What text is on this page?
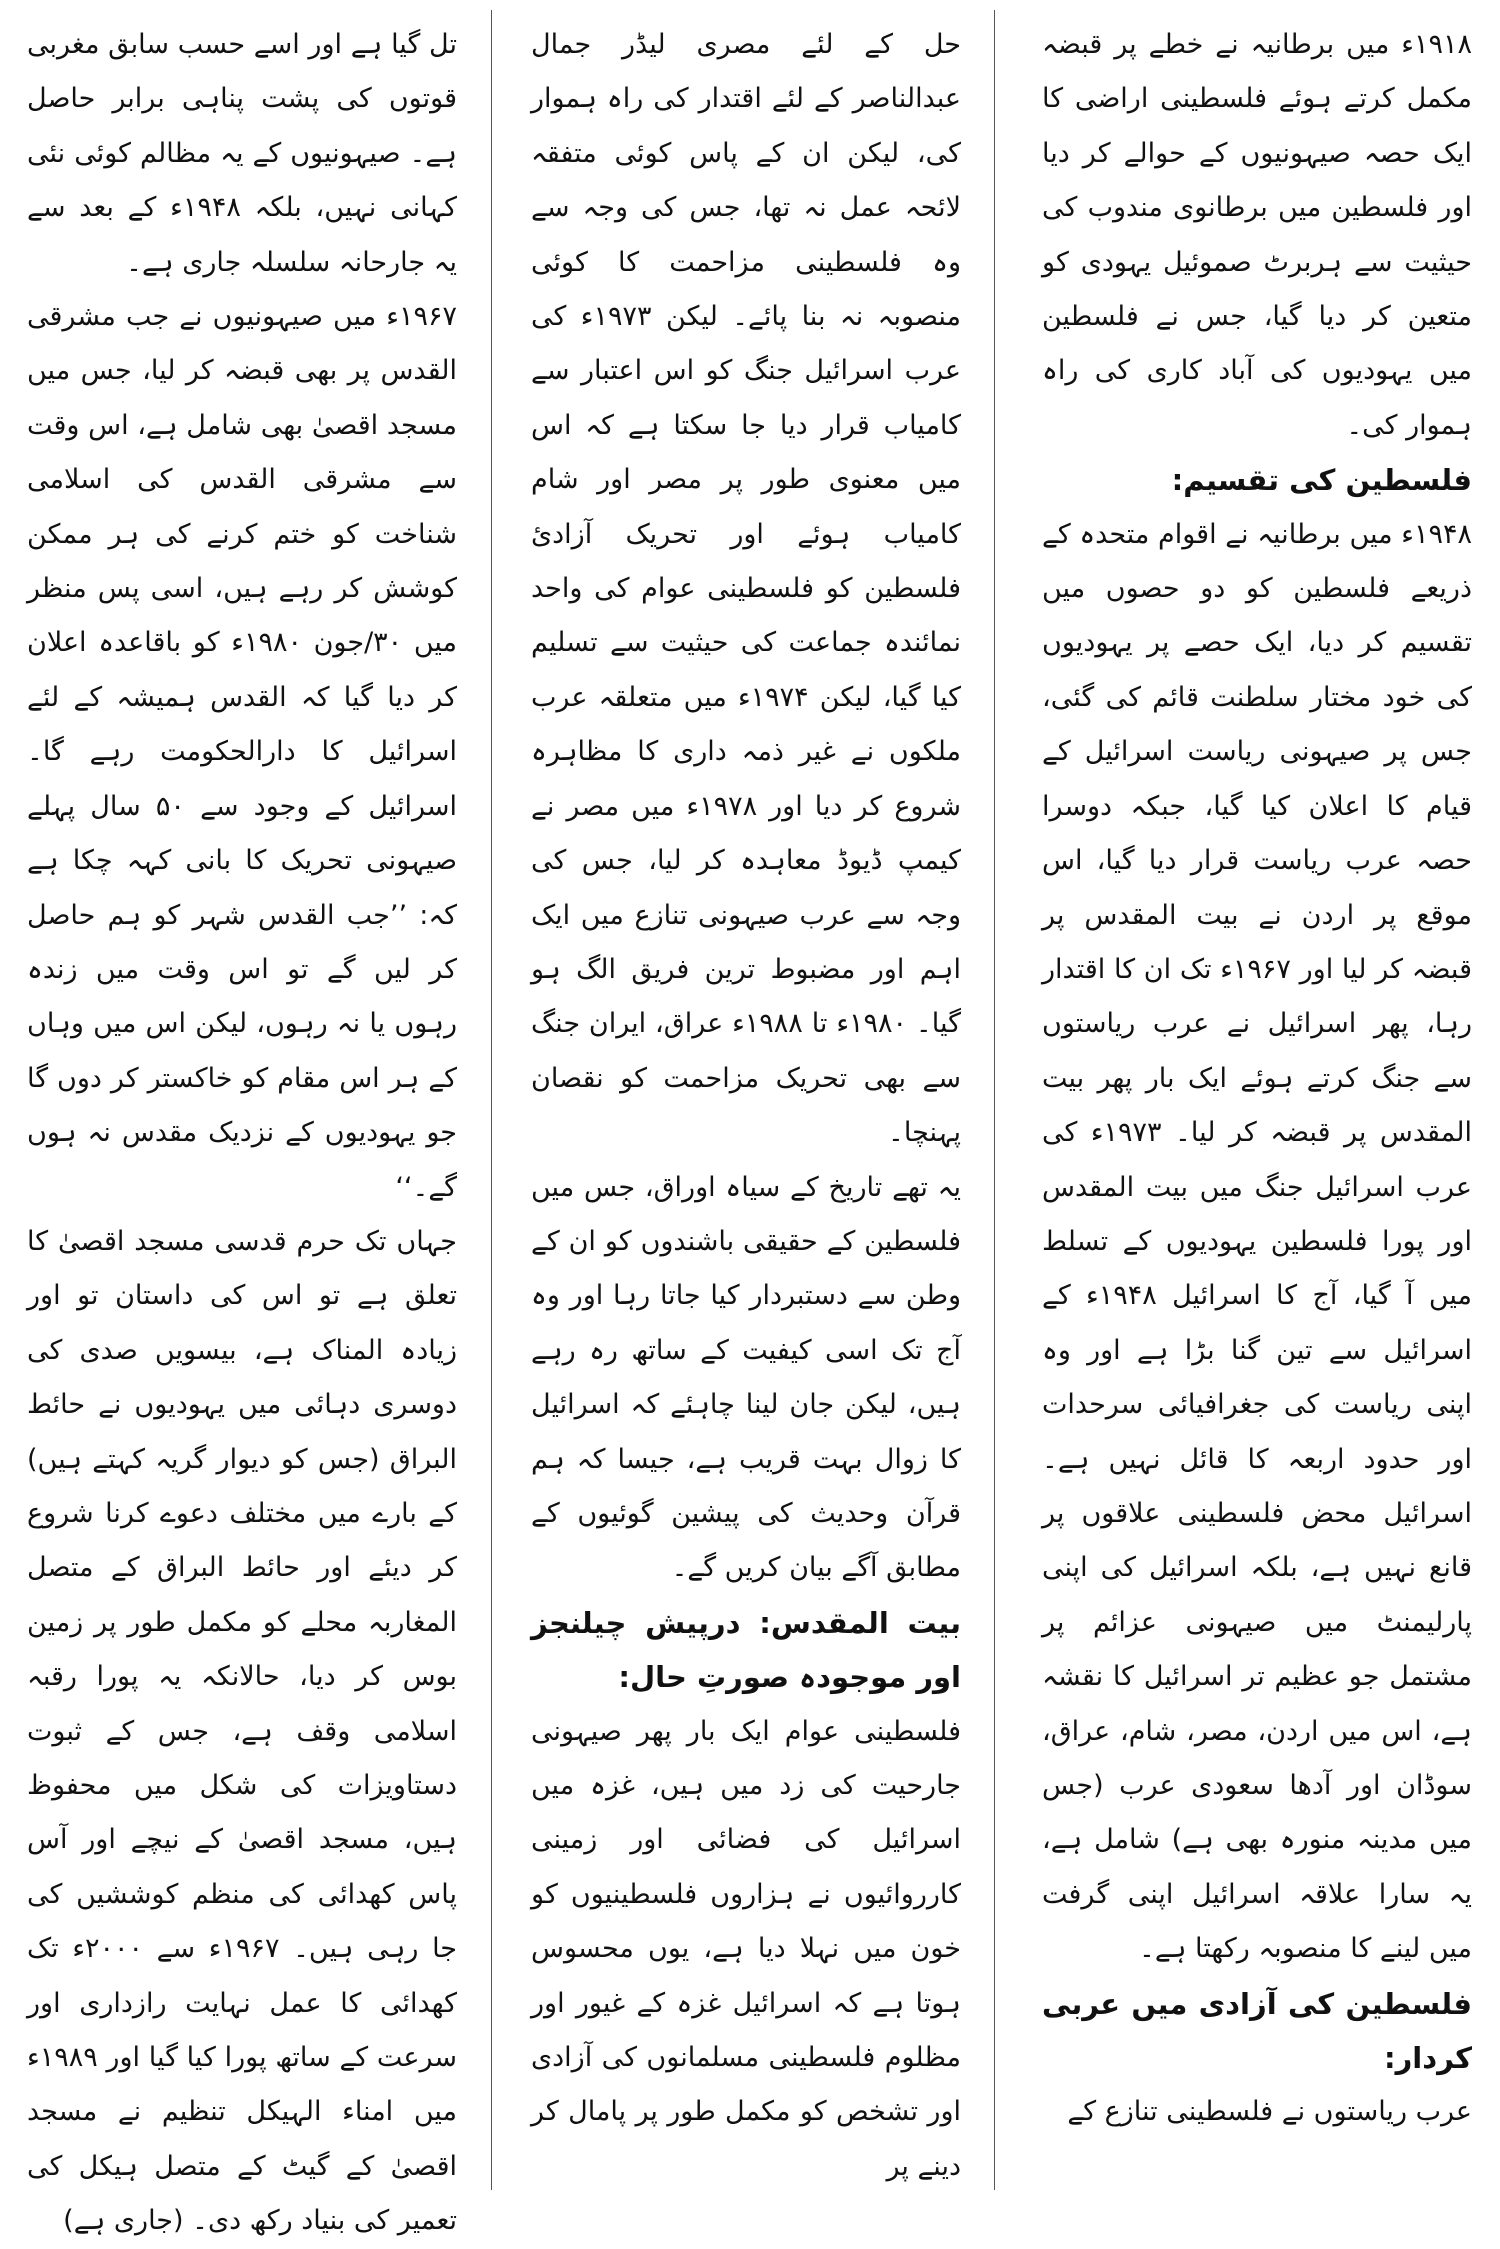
۱۹۱۸ء میں برطانیہ نے خطے پر قبضہ مکمل کرتے ہوئے فلسطینی اراضی کا ایک حصہ صیہونیوں کے حوالے کر دیا اور فلسطین میں برطانوی مندوب کی حیثیت سے ہربرٹ صموئیل یہودی کو متعین کر دیا گیا، جس نے فلسطین میں یہودیوں کی آباد کاری کی راہ ہموار کی۔

فلسطین کی تقسیم:

۱۹۴۸ء میں برطانیہ نے اقوام متحدہ کے ذریعے فلسطین کو دو حصوں میں تقسیم کر دیا، ایک حصے پر یہودیوں کی خود مختار سلطنت قائم کی گئی، جس پر صیہونی ریاست اسرائیل کے قیام کا اعلان کیا گیا، جبکہ دوسرا حصہ عرب ریاست قرار دیا گیا، اس موقع پر اردن نے بیت المقدس پر قبضہ کر لیا اور ۱۹۶۷ء تک ان کا اقتدار رہا، پھر اسرائیل نے عرب ریاستوں سے جنگ کرتے ہوئے ایک بار پھر بیت المقدس پر قبضہ کر لیا۔ ۱۹۷۳ء کی عرب اسرائیل جنگ میں بیت المقدس اور پورا فلسطین یہودیوں کے تسلط میں آ گیا، آج کا اسرائیل ۱۹۴۸ء کے اسرائیل سے تین گنا بڑا ہے اور وہ اپنی ریاست کی جغرافیائی سرحدات اور حدود اربعہ کا قائل نہیں ہے۔ اسرائیل محض فلسطینی علاقوں پر قانع نہیں ہے، بلکہ اسرائیل کی اپنی پارلیمنٹ میں صیہونی عزائم پر مشتمل جو عظیم تر اسرائیل کا نقشہ ہے، اس میں اردن، مصر، شام، عراق، سوڈان اور آدھا سعودی عرب (جس میں مدینہ منورہ بھی ہے) شامل ہے، یہ سارا علاقہ اسرائیل اپنی گرفت میں لینے کا منصوبہ رکھتا ہے۔

فلسطین کی آزادی میں عربی کردار:

عرب ریاستوں نے فلسطینی تنازع کے

حل کے لئے مصری لیڈر جمال عبدالناصر کے لئے اقتدار کی راہ ہموار کی، لیکن ان کے پاس کوئی متفقہ لائحہ عمل نہ تھا، جس کی وجہ سے وہ فلسطینی مزاحمت کا کوئی منصوبہ نہ بنا پائے۔ لیکن ۱۹۷۳ء کی عرب اسرائیل جنگ کو اس اعتبار سے کامیاب قرار دیا جا سکتا ہے کہ اس میں معنوی طور پر مصر اور شام کامیاب ہوئے اور تحریک آزادیٔ فلسطین کو فلسطینی عوام کی واحد نمائندہ جماعت کی حیثیت سے تسلیم کیا گیا، لیکن ۱۹۷۴ء میں متعلقہ عرب ملکوں نے غیر ذمہ داری کا مظاہرہ شروع کر دیا اور ۱۹۷۸ء میں مصر نے کیمپ ڈیوڈ معاہدہ کر لیا، جس کی وجہ سے عرب صیہونی تنازع میں ایک اہم اور مضبوط ترین فریق الگ ہو گیا۔ ۱۹۸۰ء تا ۱۹۸۸ء عراق، ایران جنگ سے بھی تحریک مزاحمت کو نقصان پہنچا۔

یہ تھے تاریخ کے سیاہ اوراق، جس میں فلسطین کے حقیقی باشندوں کو ان کے وطن سے دستبردار کیا جاتا رہا اور وہ آج تک اسی کیفیت کے ساتھ رہ رہے ہیں، لیکن جان لینا چاہئے کہ اسرائیل کا زوال بہت قریب ہے، جیسا کہ ہم قرآن وحدیث کی پیشین گوئیوں کے مطابق آگے بیان کریں گے۔

بیت المقدس: درپیش چیلنجز اور موجودہ صورتِ حال:

فلسطینی عوام ایک بار پھر صیہونی جارحیت کی زد میں ہیں، غزہ میں اسرائیل کی فضائی اور زمینی کارروائیوں نے ہزاروں فلسطینیوں کو خون میں نہلا دیا ہے، یوں محسوس ہوتا ہے کہ اسرائیل غزہ کے غیور اور مظلوم فلسطینی مسلمانوں کی آزادی اور تشخص کو مکمل طور پر پامال کر دینے پر

تل گیا ہے اور اسے حسب سابق مغربی قوتوں کی پشت پناہی برابر حاصل ہے۔ صیہونیوں کے یہ مظالم کوئی نئی کہانی نہیں، بلکہ ۱۹۴۸ء کے بعد سے یہ جارحانہ سلسلہ جاری ہے۔

۱۹۶۷ء میں صیہونیوں نے جب مشرقی القدس پر بھی قبضہ کر لیا، جس میں مسجد اقصیٰ بھی شامل ہے، اس وقت سے مشرقی القدس کی اسلامی شناخت کو ختم کرنے کی ہر ممکن کوشش کر رہے ہیں، اسی پس منظر میں ۳۰/جون ۱۹۸۰ء کو باقاعدہ اعلان کر دیا گیا کہ القدس ہمیشہ کے لئے اسرائیل کا دارالحکومت رہے گا۔ اسرائیل کے وجود سے ۵۰ سال پہلے صیہونی تحریک کا بانی کہہ چکا ہے کہ: ’’جب القدس شہر کو ہم حاصل کر لیں گے تو اس وقت میں زندہ رہوں یا نہ رہوں، لیکن اس میں وہاں کے ہر اس مقام کو خاکستر کر دوں گا جو یہودیوں کے نزدیک مقدس نہ ہوں گے۔‘‘

جہاں تک حرم قدسی مسجد اقصیٰ کا تعلق ہے تو اس کی داستان تو اور زیادہ المناک ہے، بیسویں صدی کی دوسری دہائی میں یہودیوں نے حائط البراق (جس کو دیوار گریہ کہتے ہیں) کے بارے میں مختلف دعوے کرنا شروع کر دیئے اور حائط البراق کے متصل المغاربہ محلے کو مکمل طور پر زمین بوس کر دیا، حالانکہ یہ پورا رقبہ اسلامی وقف ہے، جس کے ثبوت دستاویزات کی شکل میں محفوظ ہیں، مسجد اقصیٰ کے نیچے اور آس پاس کھدائی کی منظم کوششیں کی جا رہی ہیں۔ ۱۹۶۷ء سے ۲۰۰۰ء تک کھدائی کا عمل نہایت رازداری اور سرعت کے ساتھ پورا کیا گیا اور ۱۹۸۹ء میں امناء الہیکل تنظیم نے مسجد اقصیٰ کے گیٹ کے متصل ہیکل کی تعمیر کی بنیاد رکھ دی۔ (جاری ہے)
